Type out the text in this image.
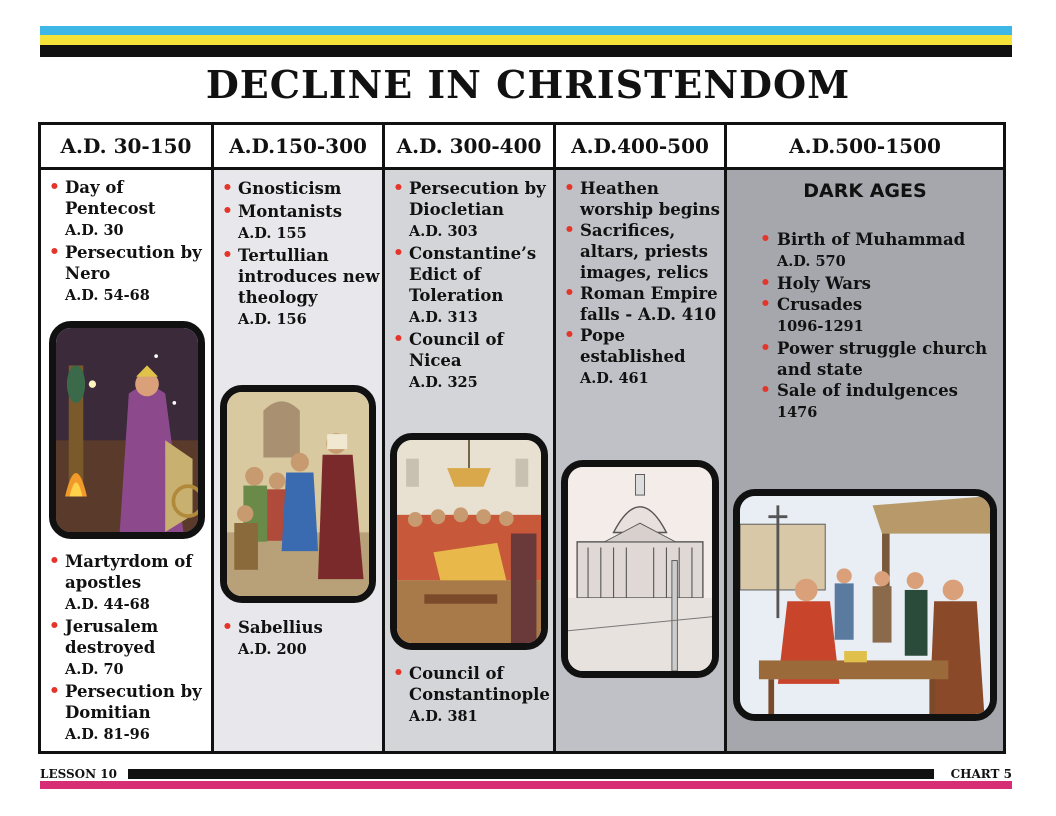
DECLINE IN CHRISTENDOM
A.D. 30-150
• Day of Pentecost
A.D. 30
• Persecution by Nero
A.D. 54-68
• Martyrdom of apostles
A.D. 44-68
• Jerusalem destroyed
A.D. 70
• Persecution by Domitian
A.D. 81-96
A.D.150-300
• Gnosticism
• Montanists
A.D. 155
• Tertullian introduces new theology
A.D. 156
• Sabellius
A.D. 200
A.D. 300-400
• Persecution by Diocletian
A.D. 303
• Constantine’s Edict of Toleration
A.D. 313
• Council of Nicea
A.D. 325
• Council of Constantinople
A.D. 381
A.D.400-500
• Heathen worship begins
• Sacrifices, altars, priests images, relics
• Roman Empire falls - A.D. 410
• Pope established
A.D. 461
A.D.500-1500
DARK AGES
• Birth of Muhammad
A.D. 570
• Holy Wars
• Crusades
1096-1291
• Power struggle church and state
• Sale of indulgences
1476
LESSON 10	CHART 5
